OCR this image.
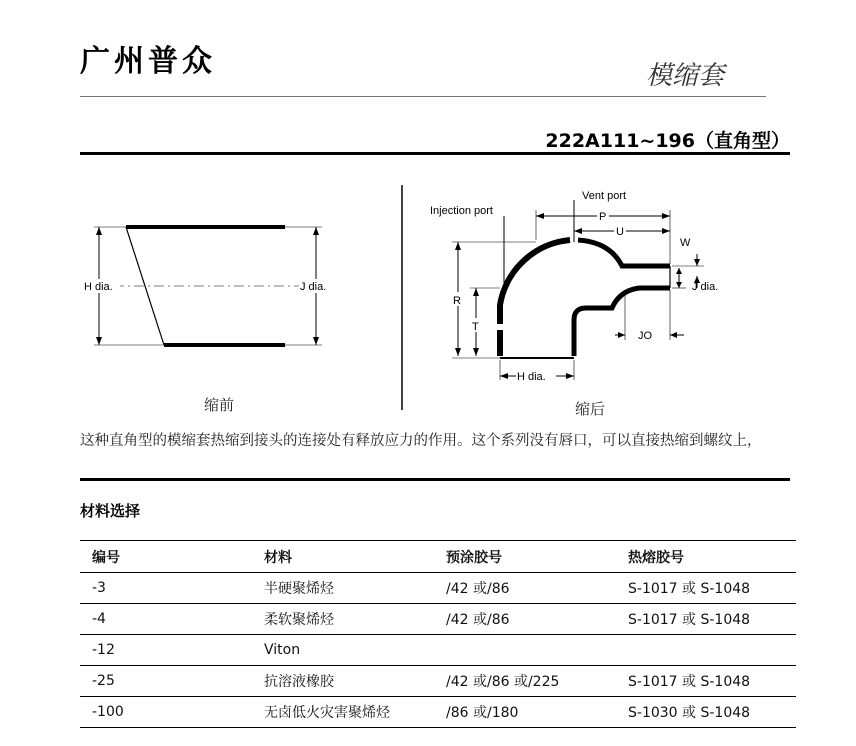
广州普众	模缩套
222A111~196（直角型）
H dia.	J dia.
P
U
W
J dia.
R
T
JO
H dia.
Injection port
Vent port
缩前	缩后
这种直角型的模缩套热缩到接头的连接处有释放应力的作用。这个系列没有唇口，可以直接热缩到螺纹上，
材料选择
编号	材料	预涂胶号	热熔胶号
-3	半硬聚烯烃	/42 或/86	S-1017 或 S-1048
-4	柔软聚烯烃	/42 或/86	S-1017 或 S-1048
-12	Viton		
-25	抗溶液橡胶	/42 或/86 或/225	S-1017 或 S-1048
-100	无卤低火灾害聚烯烃	/86 或/180	S-1030 或 S-1048
